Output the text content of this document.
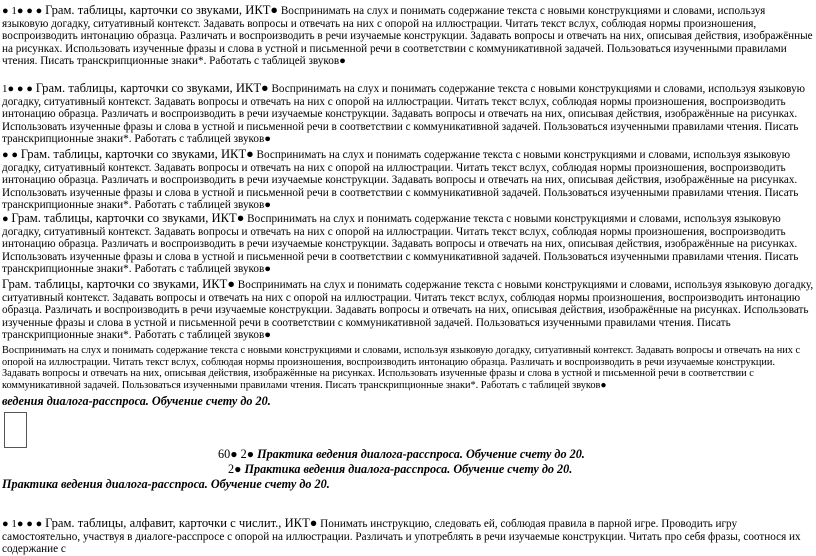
● 1● ● ● Грам. таблицы, карточки со звуками, ИКТ● Воспринимать на слух и понимать содержание текста с новыми конструкциями и словами, используя языковую догадку, ситуативный контекст. Задавать вопросы и отвечать на них с опорой на иллюстрации. Читать текст вслух, соблюдая нормы произношения, воспроизводить интонацию образца. Различать и воспроизводить в речи изучаемые конструкции. Задавать вопросы и отвечать на них, описывая действия, изображённые на рисунках. Использовать изученные фразы и слова в устной и письменной речи в соответствии с коммуникативной задачей. Пользоваться изученными правилами чтения. Писать транскрипционные знаки*. Работать с таблицей звуков●
1● ● ● Грам. таблицы, карточки со звуками, ИКТ● Воспринимать на слух и понимать содержание текста с новыми конструкциями и словами, используя языковую догадку, ситуативный контекст. Задавать вопросы и отвечать на них с опорой на иллюстрации. Читать текст вслух, соблюдая нормы произношения, воспроизводить интонацию образца. Различать и воспроизводить в речи изучаемые конструкции. Задавать вопросы и отвечать на них, описывая действия, изображённые на рисунках. Использовать изученные фразы и слова в устной и письменной речи в соответствии с коммуникативной задачей. Пользоваться изученными правилами чтения. Писать транскрипционные знаки*. Работать с таблицей звуков●
● ● Грам. таблицы, карточки со звуками, ИКТ● Воспринимать на слух и понимать содержание текста с новыми конструкциями и словами, используя языковую догадку, ситуативный контекст. Задавать вопросы и отвечать на них с опорой на иллюстрации. Читать текст вслух, соблюдая нормы произношения, воспроизводить интонацию образца. Различать и воспроизводить в речи изучаемые конструкции. Задавать вопросы и отвечать на них, описывая действия, изображённые на рисунках. Использовать изученные фразы и слова в устной и письменной речи в соответствии с коммуникативной задачей. Пользоваться изученными правилами чтения. Писать транскрипционные знаки*. Работать с таблицей звуков●
● Грам. таблицы, карточки со звуками, ИКТ● Воспринимать на слух и понимать содержание текста с новыми конструкциями и словами, используя языковую догадку, ситуативный контекст. Задавать вопросы и отвечать на них с опорой на иллюстрации. Читать текст вслух, соблюдая нормы произношения, воспроизводить интонацию образца. Различать и воспроизводить в речи изучаемые конструкции. Задавать вопросы и отвечать на них, описывая действия, изображённые на рисунках. Использовать изученные фразы и слова в устной и письменной речи в соответствии с коммуникативной задачей. Пользоваться изученными правилами чтения. Писать транскрипционные знаки*. Работать с таблицей звуков●
Грам. таблицы, карточки со звуками, ИКТ● Воспринимать на слух и понимать содержание текста с новыми конструкциями и словами, используя языковую догадку, ситуативный контекст. Задавать вопросы и отвечать на них с опорой на иллюстрации. Читать текст вслух, соблюдая нормы произношения, воспроизводить интонацию образца. Различать и воспроизводить в речи изучаемые конструкции. Задавать вопросы и отвечать на них, описывая действия, изображённые на рисунках. Использовать изученные фразы и слова в устной и письменной речи в соответствии с коммуникативной задачей. Пользоваться изученными правилами чтения. Писать транскрипционные знаки*. Работать с таблицей звуков●
Воспринимать на слух и понимать содержание текста с новыми конструкциями и словами, используя языковую догадку, ситуативный контекст. Задавать вопросы и отвечать на них с опорой на иллюстрации. Читать текст вслух, соблюдая нормы произношения, воспроизводить интонацию образца. Различать и воспроизводить в речи изучаемые конструкции. Задавать вопросы и отвечать на них, описывая действия, изображённые на рисунках. Использовать изученные фразы и слова в устной и письменной речи в соответствии с коммуникативной задачей. Пользоваться изученными правилами чтения. Писать транскрипционные знаки*. Работать с таблицей звуков●
ведения диалога-расспроса. Обучение счету до 20.
60● 2● Практика ведения диалога-расспроса. Обучение счету до 20.
2● Практика ведения диалога-расспроса. Обучение счету до 20.
Практика ведения диалога-расспроса. Обучение счету до 20.
● 1● ● ● Грам. таблицы, алфавит, карточки с числит., ИКТ● Понимать инструкцию, следовать ей, соблюдая правила в парной игре. Проводить игру самостоятельно, участвуя в диалоге-расспросе с опорой на иллюстрации. Различать и употреблять в речи изучаемые конструкции. Читать про себя фразы, соотнося их содержание с
